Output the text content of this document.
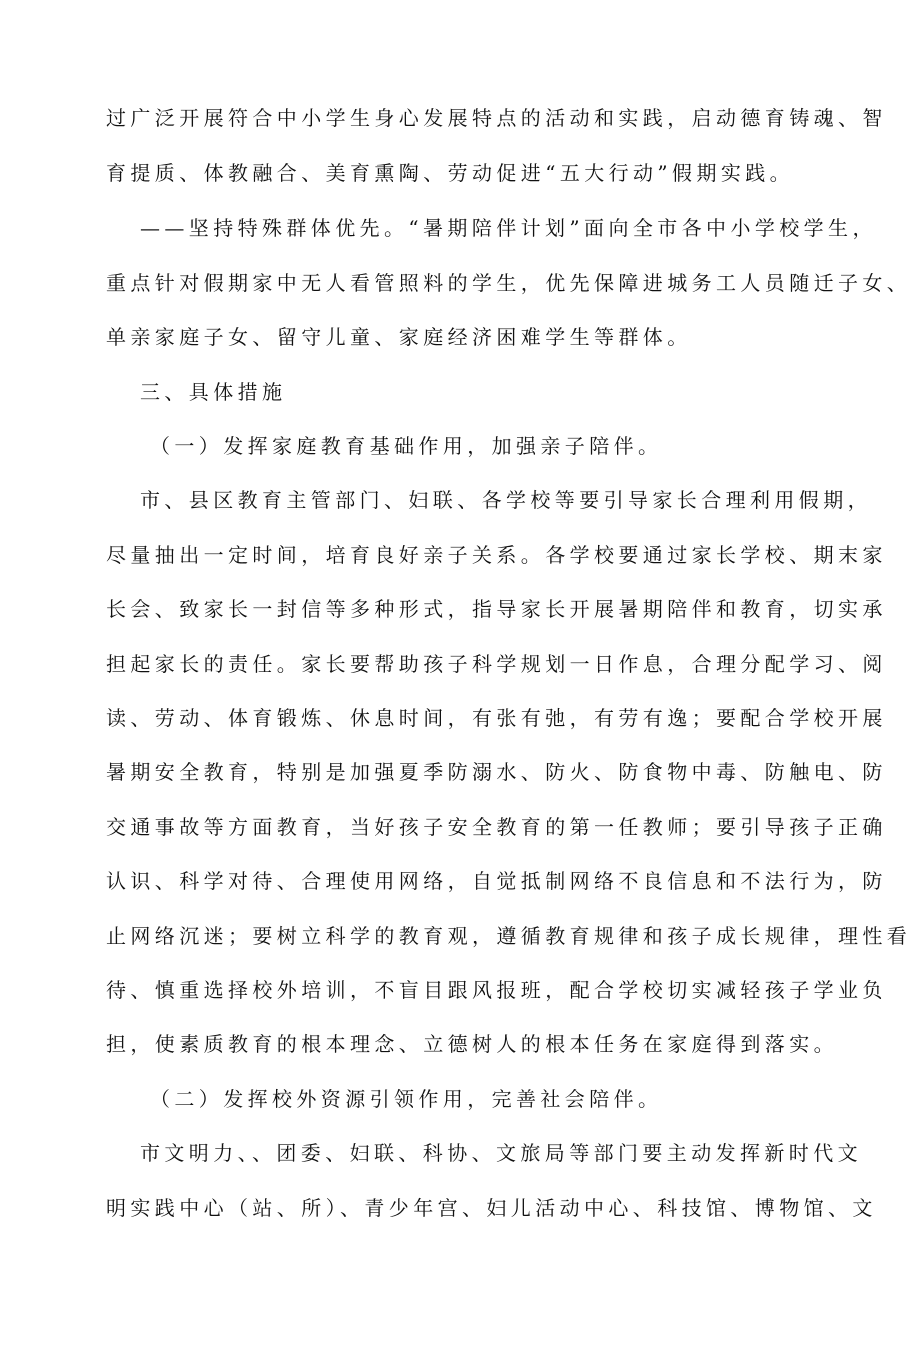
过广泛开展符合中小学生身心发展特点的活动和实践，启动德育铸魂、智
育提质、体教融合、美育熏陶、劳动促进“五大行动”假期实践。
——坚持特殊群体优先。“暑期陪伴计划”面向全市各中小学校学生，
重点针对假期家中无人看管照料的学生，优先保障进城务工人员随迁子女、
单亲家庭子女、留守儿童、家庭经济困难学生等群体。
三、具体措施
（一）发挥家庭教育基础作用，加强亲子陪伴。
市、县区教育主管部门、妇联、各学校等要引导家长合理利用假期，
尽量抽出一定时间，培育良好亲子关系。各学校要通过家长学校、期末家
长会、致家长一封信等多种形式，指导家长开展暑期陪伴和教育，切实承
担起家长的责任。家长要帮助孩子科学规划一日作息，合理分配学习、阅
读、劳动、体育锻炼、休息时间，有张有弛，有劳有逸；要配合学校开展
暑期安全教育，特别是加强夏季防溺水、防火、防食物中毒、防触电、防
交通事故等方面教育，当好孩子安全教育的第一任教师；要引导孩子正确
认识、科学对待、合理使用网络，自觉抵制网络不良信息和不法行为，防
止网络沉迷；要树立科学的教育观，遵循教育规律和孩子成长规律，理性看
待、慎重选择校外培训，不盲目跟风报班，配合学校切实减轻孩子学业负
担，使素质教育的根本理念、立德树人的根本任务在家庭得到落实。
（二）发挥校外资源引领作用，完善社会陪伴。
市文明力、、团委、妇联、科协、文旅局等部门要主动发挥新时代文
明实践中心（站、所）、青少年宫、妇儿活动中心、科技馆、博物馆、文
